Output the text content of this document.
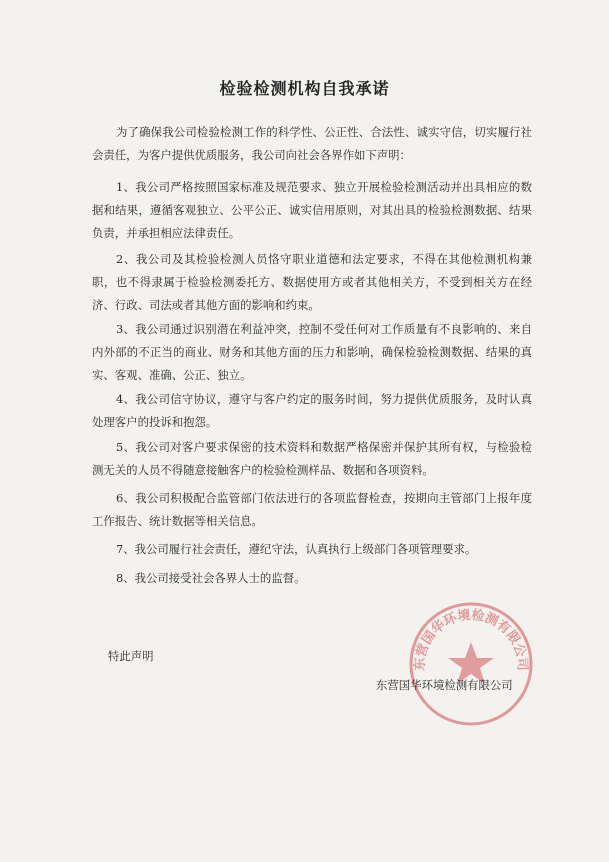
东营国华环境检测有限公司
检验检测机构自我承诺
为了确保我公司检验检测工作的科学性、公正性、合法性、诚实守信，切实履行社会责任，为客户提供优质服务，我公司向社会各界作如下声明：
1、我公司严格按照国家标准及规范要求、独立开展检验检测活动并出具相应的数据和结果，遵循客观独立、公平公正、诚实信用原则，对其出具的检验检测数据、结果负责，并承担相应法律责任。
2、我公司及其检验检测人员恪守职业道德和法定要求，不得在其他检测机构兼职，也不得隶属于检验检测委托方、数据使用方或者其他相关方，不受到相关方在经济、行政、司法或者其他方面的影响和约束。
3、我公司通过识别潜在利益冲突，控制不受任何对工作质量有不良影响的、来自内外部的不正当的商业、财务和其他方面的压力和影响，确保检验检测数据、结果的真实、客观、准确、公正、独立。
4、我公司信守协议，遵守与客户约定的服务时间，努力提供优质服务，及时认真处理客户的投诉和抱怨。
5、我公司对客户要求保密的技术资料和数据严格保密并保护其所有权，与检验检测无关的人员不得随意接触客户的检验检测样品、数据和各项资料。
6、我公司积极配合监管部门依法进行的各项监督检查，按期向主管部门上报年度工作报告、统计数据等相关信息。
7、我公司履行社会责任，遵纪守法，认真执行上级部门各项管理要求。
8、我公司接受社会各界人士的监督。
特此声明
东营国华环境检测有限公司
